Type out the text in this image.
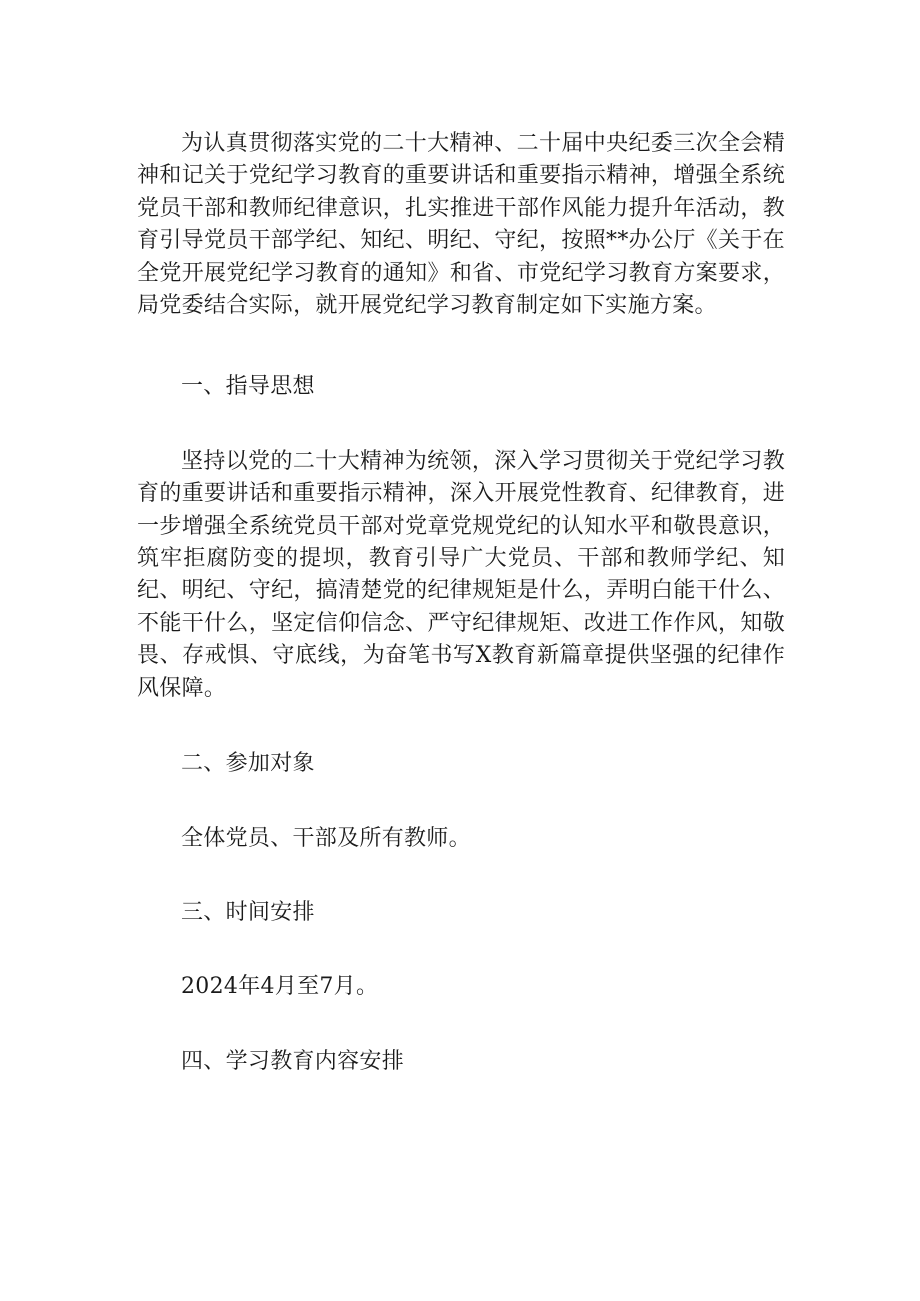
为认真贯彻落实党的二十大精神、二十届中央纪委三次全会精神和记关于党纪学习教育的重要讲话和重要指示精神，增强全系统党员干部和教师纪律意识，扎实推进干部作风能力提升年活动，教育引导党员干部学纪、知纪、明纪、守纪，按照**办公厅《关于在全党开展党纪学习教育的通知》和省、市党纪学习教育方案要求，局党委结合实际，就开展党纪学习教育制定如下实施方案。

一、指导思想

坚持以党的二十大精神为统领，深入学习贯彻关于党纪学习教育的重要讲话和重要指示精神，深入开展党性教育、纪律教育，进一步增强全系统党员干部对党章党规党纪的认知水平和敬畏意识，筑牢拒腐防变的提坝，教育引导广大党员、干部和教师学纪、知纪、明纪、守纪，搞清楚党的纪律规矩是什么，弄明白能干什么、不能干什么，坚定信仰信念、严守纪律规矩、改进工作作风，知敬畏、存戒惧、守底线，为奋笔书写X教育新篇章提供坚强的纪律作风保障。

二、参加对象

全体党员、干部及所有教师。

三、时间安排

2024年4月至7月。

四、学习教育内容安排
